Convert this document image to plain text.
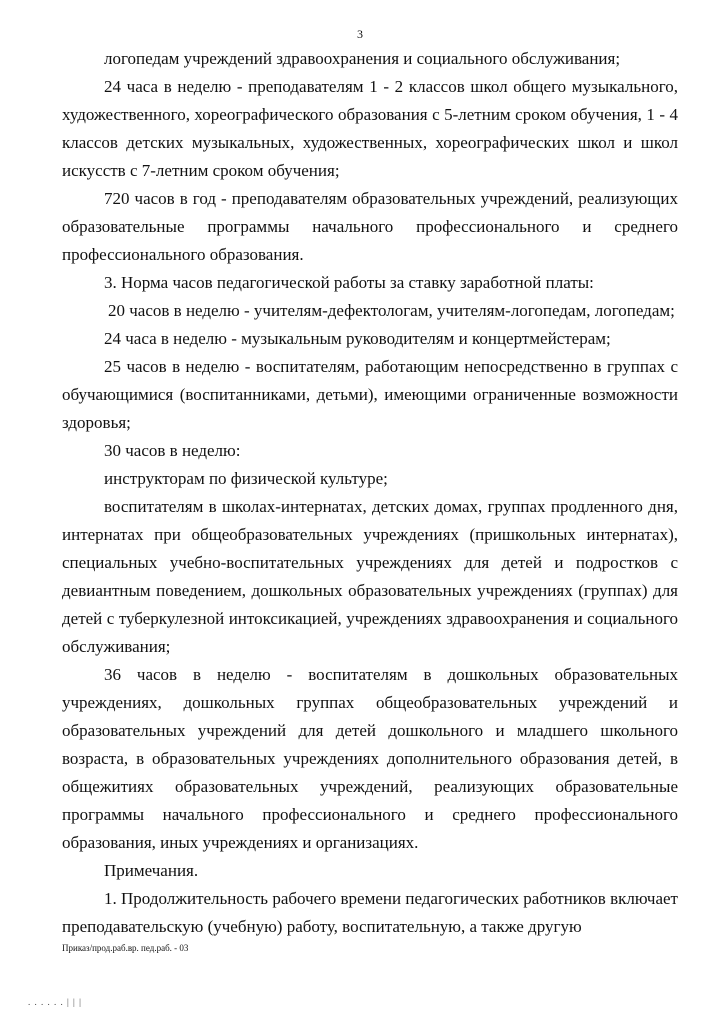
3

логопедам учреждений здравоохранения и социального обслуживания;

24 часа в неделю - преподавателям 1 - 2 классов школ общего музыкального, художественного, хореографического образования с 5-летним сроком обучения, 1 - 4 классов детских музыкальных, художественных, хореографических школ и школ искусств с 7-летним сроком обучения;

720 часов в год - преподавателям образовательных учреждений, реализующих образовательные программы начального профессионального и среднего профессионального образования.

3. Норма часов педагогической работы за ставку заработной платы:

20 часов в неделю - учителям-дефектологам, учителям-логопедам, логопедам;

24 часа в неделю - музыкальным руководителям и концертмейстерам;

25 часов в неделю - воспитателям, работающим непосредственно в группах с обучающимися (воспитанниками, детьми), имеющими ограниченные возможности здоровья;

30 часов в неделю:

инструкторам по физической культуре;

воспитателям в школах-интернатах, детских домах, группах продленного дня, интернатах при общеобразовательных учреждениях (пришкольных интернатах), специальных учебно-воспитательных учреждениях для детей и подростков с девиантным поведением, дошкольных образовательных учреждениях (группах) для детей с туберкулезной интоксикацией, учреждениях здравоохранения и социального обслуживания;

36 часов в неделю - воспитателям в дошкольных образовательных учреждениях, дошкольных группах общеобразовательных учреждений и образовательных учреждений для детей дошкольного и младшего школьного возраста, в образовательных учреждениях дополнительного образования детей, в общежитиях образовательных учреждений, реализующих образовательные программы начального профессионального и среднего профессионального образования, иных учреждениях и организациях.

Примечания.

1. Продолжительность рабочего времени педагогических работников включает преподавательскую (учебную) работу, воспитательную, а также другую

Приказ/прод.раб.вр. пед.раб. - 03
. . . . . . | | |
